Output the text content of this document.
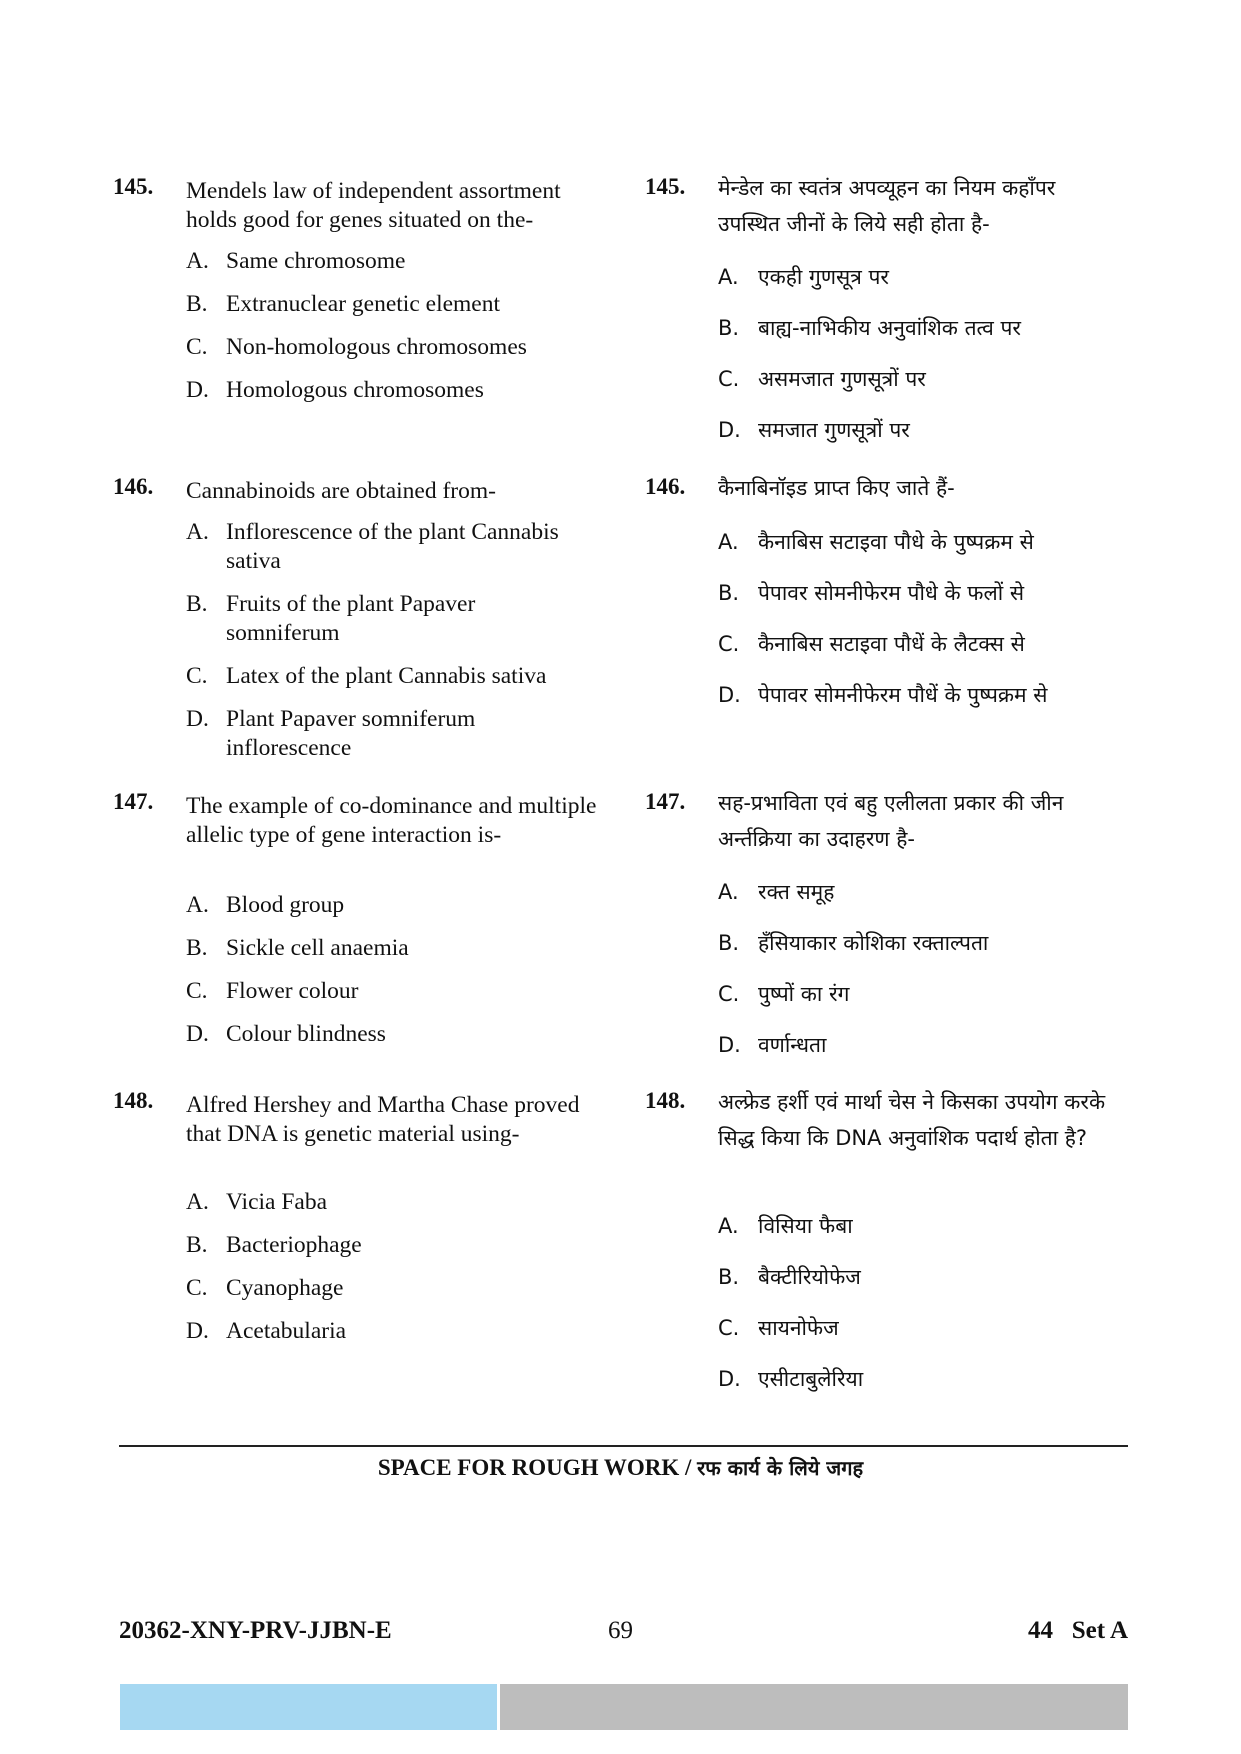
145. Mendels law of independent assortment holds good for genes situated on the-
A. Same chromosome
B. Extranuclear genetic element
C. Non-homologous chromosomes
D. Homologous chromosomes
146. Cannabinoids are obtained from-
A. Inflorescence of the plant Cannabis sativa
B. Fruits of the plant Papaver somniferum
C. Latex of the plant Cannabis sativa
D. Plant Papaver somniferum inflorescence
147. The example of co-dominance and multiple allelic type of gene interaction is-
A. Blood group
B. Sickle cell anaemia
C. Flower colour
D. Colour blindness
148. Alfred Hershey and Martha Chase proved that DNA is genetic material using-
A. Vicia Faba
B. Bacteriophage
C. Cyanophage
D. Acetabularia
145. मेन्डेल का स्वतंत्र अपव्यूहन का नियम कहाँपर उपस्थित जीनों के लिये सही होता है-
A. एकही गुणसूत्र पर
B. बाह्य-नाभिकीय अनुवांशिक तत्व पर
C. असमजात गुणसूत्रों पर
D. समजात गुणसूत्रों पर
146. कैनाबिनॉइड प्राप्त किए जाते हैं-
A. कैनाबिस सटाइवा पौधे के पुष्पक्रम से
B. पेपावर सोमनीफेरम पौधे के फलों से
C. कैनाबिस सटाइवा पौधें के लैटक्स से
D. पेपावर सोमनीफेरम पौधें के पुष्पक्रम से
147. सह-प्रभाविता एवं बहु एलीलता प्रकार की जीन अर्न्तक्रिया का उदाहरण है-
A. रक्त समूह
B. हँसियाकार कोशिका रक्ताल्पता
C. पुष्पों का रंग
D. वर्णान्धता
148. अल्फ्रेड हर्शी एवं मार्था चेस ने किसका उपयोग करके सिद्ध किया कि DNA अनुवांशिक पदार्थ होता है?
A. विसिया फैबा
B. बैक्टीरियोफेज
C. सायनोफेज
D. एसीटाबुलेरिया
SPACE FOR ROUGH WORK / रफ कार्य के लिये जगह
20362-XNY-PRV-JJBN-E	69	44   Set A
